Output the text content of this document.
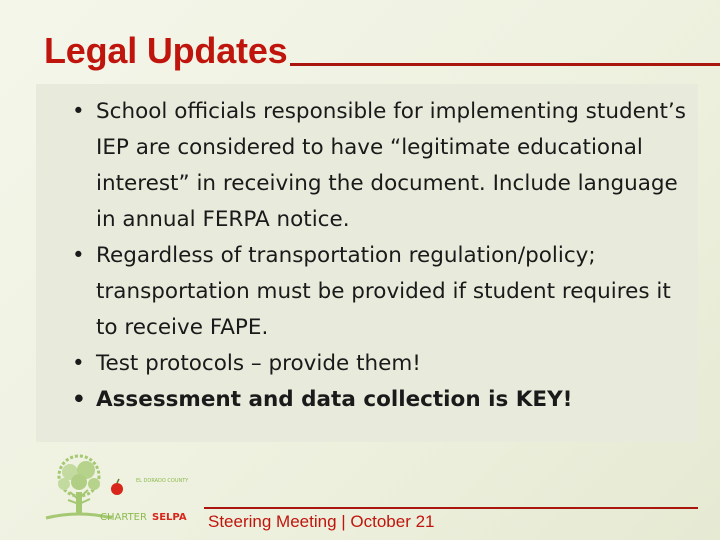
Legal Updates
• School officials responsible for implementing student’s IEP are considered to have “legitimate educational interest” in receiving the document. Include language in annual FERPA notice.
• Regardless of transportation regulation/policy; transportation must be provided if student requires it to receive FAPE.
• Test protocols – provide them!
• Assessment and data collection is KEY!
EL DORADO COUNTY
CHARTER SELPA Steering Meeting | October 21
